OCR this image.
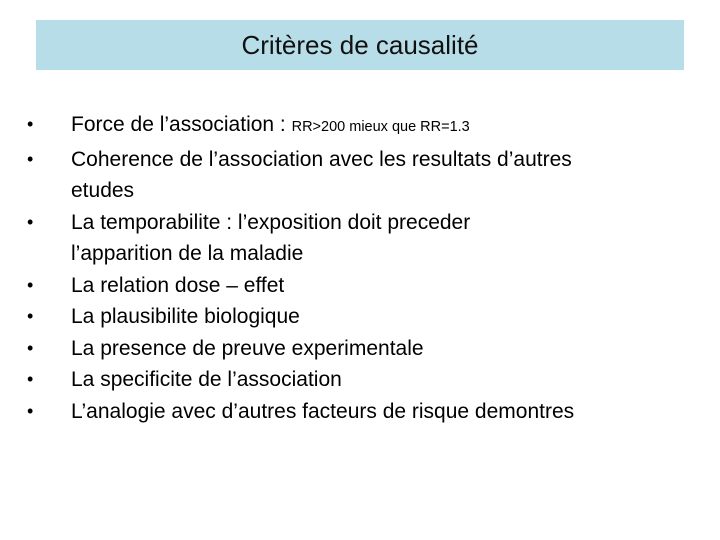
Critères de causalité
• Force de l’association : RR>200 mieux que RR=1.3
• Coherence de l’association avec les resultats d’autres
etudes
• La temporabilite : l’exposition doit preceder
l’apparition de la maladie
• La relation dose – effet
• La plausibilite biologique
• La presence de preuve experimentale
• La specificite de l’association
• L’analogie avec d’autres facteurs de risque demontres
